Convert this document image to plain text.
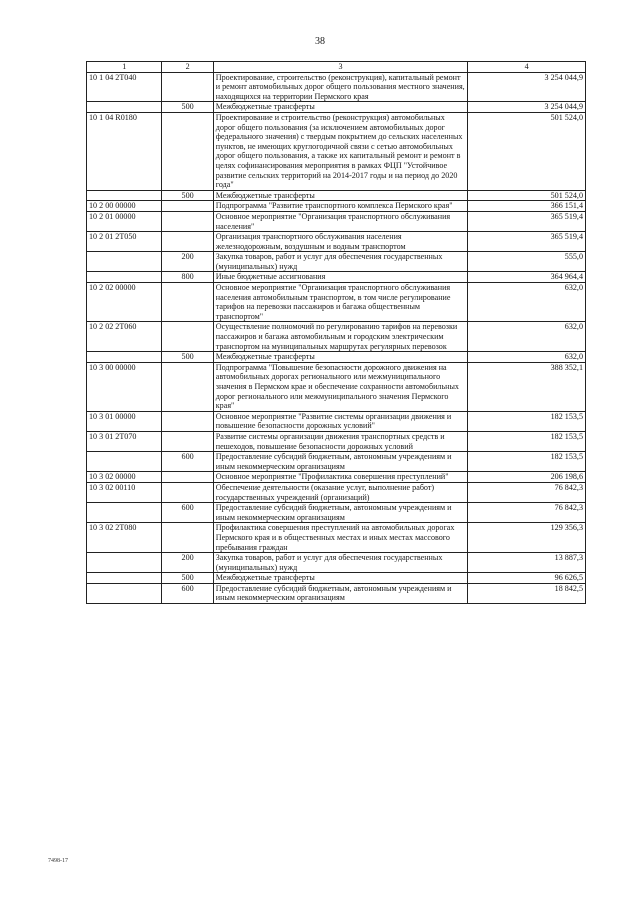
38
1	2	3	4
10 1 04 2Т040		Проектирование, строительство (реконструкция), капитальный ремонт и ремонт автомобильных дорог общего пользования местного значения, находящихся на территории Пермского края	3 254 044,9
	500	Межбюджетные трансферты	3 254 044,9
10 1 04 R0180		Проектирование и строительство (реконструкция) автомобильных дорог общего пользования (за исключением автомобильных дорог федерального значения) с твердым покрытием до сельских населенных пунктов, не имеющих круглогодичной связи с сетью автомобильных дорог общего пользования, а также их капитальный ремонт и ремонт в целях софинансирования мероприятия в рамках ФЦП "Устойчивое развитие сельских территорий на 2014-2017 годы и на период до 2020 года"	501 524,0
	500	Межбюджетные трансферты	501 524,0
10 2 00 00000		Подпрограмма "Развитие транспортного комплекса Пермского края"	366 151,4
10 2 01 00000		Основное мероприятие "Организация транспортного обслуживания населения"	365 519,4
10 2 01 2Т050		Организация транспортного обслуживания населения железнодорожным, воздушным и водным транспортом	365 519,4
	200	Закупка товаров, работ и услуг для обеспечения государственных (муниципальных) нужд	555,0
	800	Иные бюджетные ассигнования	364 964,4
10 2 02 00000		Основное мероприятие "Организация транспортного обслуживания населения автомобильным транспортом, в том числе регулирование тарифов на перевозки пассажиров и багажа общественным транспортом"	632,0
10 2 02 2Т060		Осуществление полномочий по регулированию тарифов на перевозки пассажиров и багажа автомобильным и городским электрическим транспортом на муниципальных маршрутах регулярных перевозок	632,0
	500	Межбюджетные трансферты	632,0
10 3 00 00000		Подпрограмма "Повышение безопасности дорожного движения на автомобильных дорогах регионального или межмуниципального значения в Пермском крае и обеспечение сохранности автомобильных дорог регионального или межмуниципального значения Пермского края"	388 352,1
10 3 01 00000		Основное мероприятие "Развитие системы организации движения и повышение безопасности дорожных условий"	182 153,5
10 3 01 2Т070		Развитие системы организации движения транспортных средств и пешеходов, повышение безопасности дорожных условий	182 153,5
	600	Предоставление субсидий бюджетным, автономным учреждениям и иным некоммерческим организациям	182 153,5
10 3 02 00000		Основное мероприятие "Профилактика совершения преступлений"	206 198,6
10 3 02 00110		Обеспечение деятельности (оказание услуг, выполнение работ) государственных учреждений (организаций)	76 842,3
	600	Предоставление субсидий бюджетным, автономным учреждениям и иным некоммерческим организациям	76 842,3
10 3 02 2Т080		Профилактика совершения преступлений на автомобильных дорогах Пермского края и в общественных местах и иных местах массового пребывания граждан	129 356,3
	200	Закупка товаров, работ и услуг для обеспечения государственных (муниципальных) нужд	13 887,3
	500	Межбюджетные трансферты	96 626,5
	600	Предоставление субсидий бюджетным, автономным учреждениям и иным некоммерческим организациям	18 842,5
7498-17
